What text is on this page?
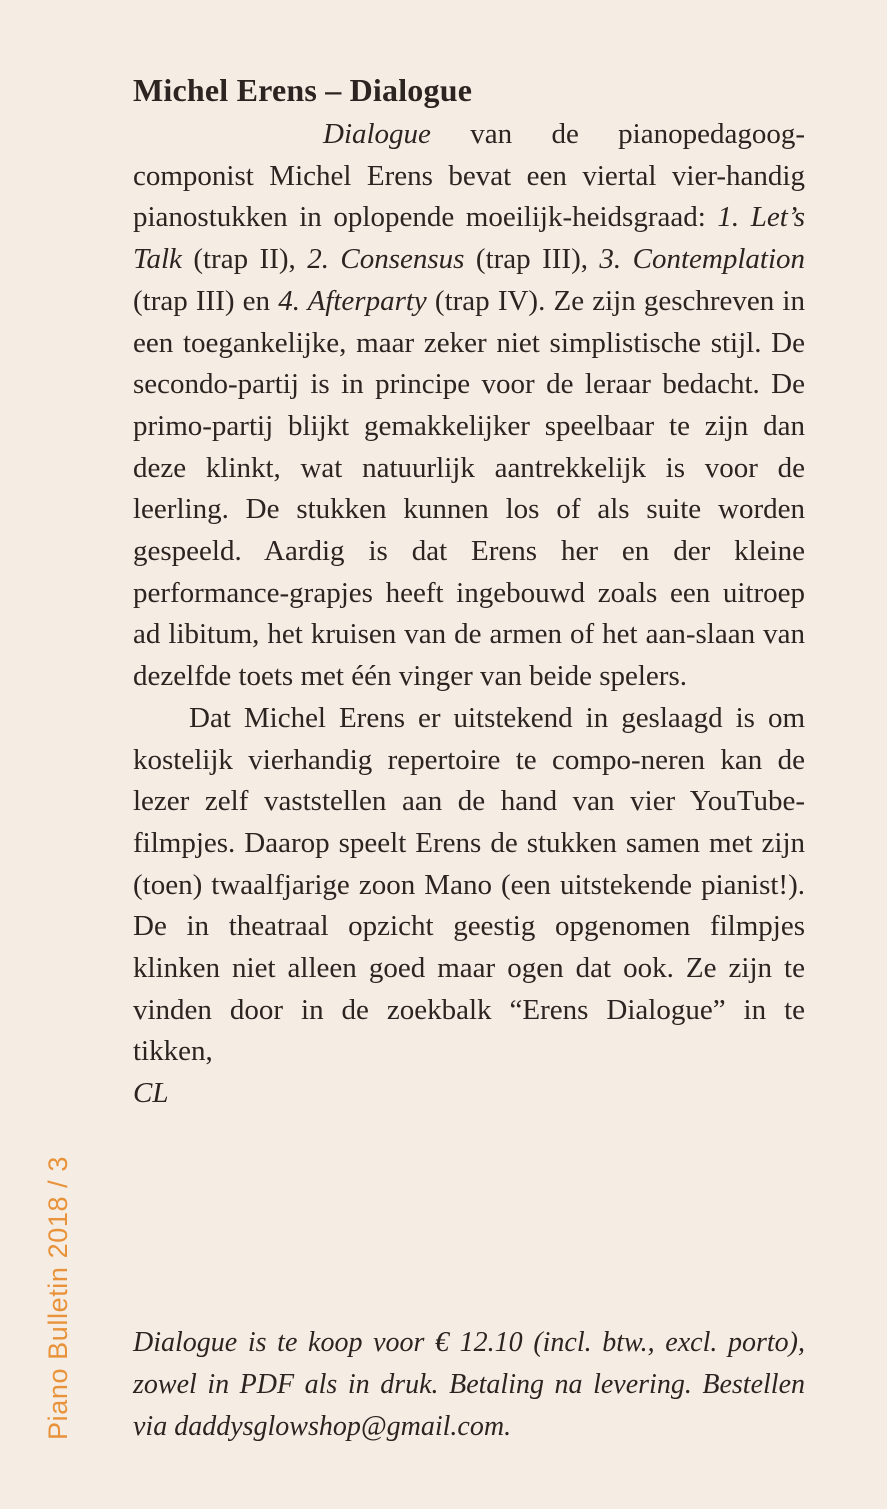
Michel Erens – Dialogue

Dialogue van de pianopedagoog-componist Michel Erens bevat een viertal vier-handig pianostukken in oplopende moeilijk-heidsgraad: 1. Let’s Talk (trap II), 2. Consensus (trap III), 3. Contemplation (trap III) en 4. Afterparty (trap IV). Ze zijn geschreven in een toegankelijke, maar zeker niet simplistische stijl. De secondo-partij is in principe voor de leraar bedacht. De primo-partij blijkt gemakkelijker speelbaar te zijn dan deze klinkt, wat natuurlijk aantrekkelijk is voor de leerling. De stukken kunnen los of als suite worden gespeeld. Aardig is dat Erens her en der kleine performance-grapjes heeft ingebouwd zoals een uitroep ad libitum, het kruisen van de armen of het aan-slaan van dezelfde toets met één vinger van beide spelers.

Dat Michel Erens er uitstekend in geslaagd is om kostelijk vierhandig repertoire te compo-neren kan de lezer zelf vaststellen aan de hand van vier YouTube-filmpjes. Daarop speelt Erens de stukken samen met zijn (toen) twaalfjarige zoon Mano (een uitstekende pianist!). De in theatraal opzicht geestig opgenomen filmpjes klinken niet alleen goed maar ogen dat ook. Ze zijn te vinden door in de zoekbalk “Erens Dialogue” in te tikken,

CL

Dialogue is te koop voor € 12.10 (incl. btw., excl. porto), zowel in PDF als in druk. Betaling na levering. Bestellen via daddysglowshop@gmail.com.

Piano Bulletin 2018 / 3
